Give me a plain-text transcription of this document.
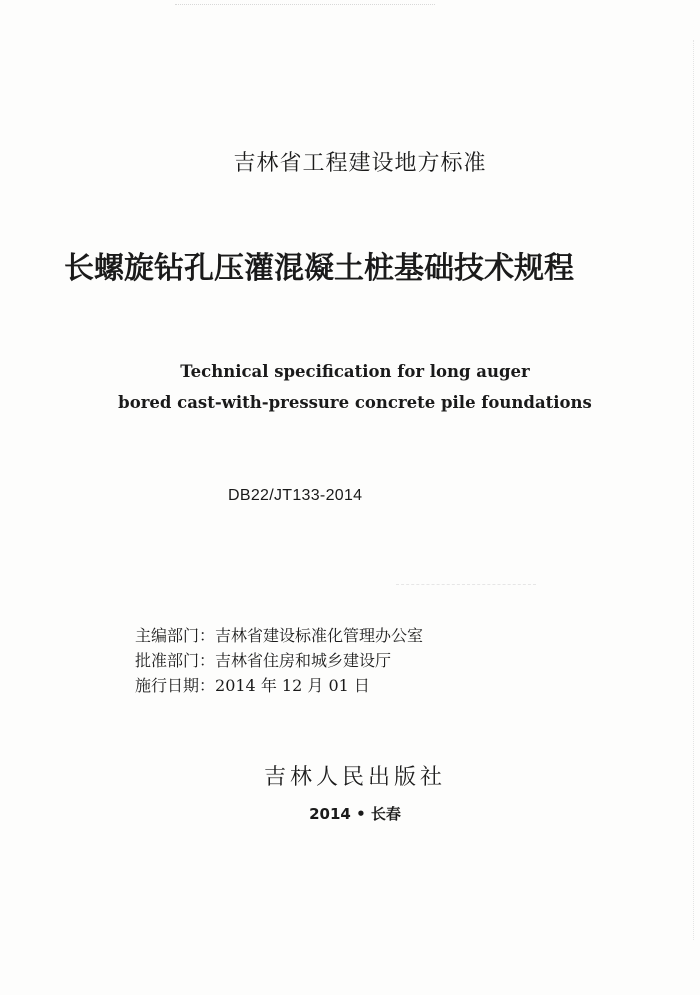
吉林省工程建设地方标准
长螺旋钻孔压灌混凝土桩基础技术规程
Technical specification for long auger
bored cast-with-pressure concrete pile foundations
DB22/JT133-2014
主编部门：吉林省建设标准化管理办公室
批准部门：吉林省住房和城乡建设厅
施行日期：2014 年 12 月 01 日
吉林人民出版社
2014 • 长春
